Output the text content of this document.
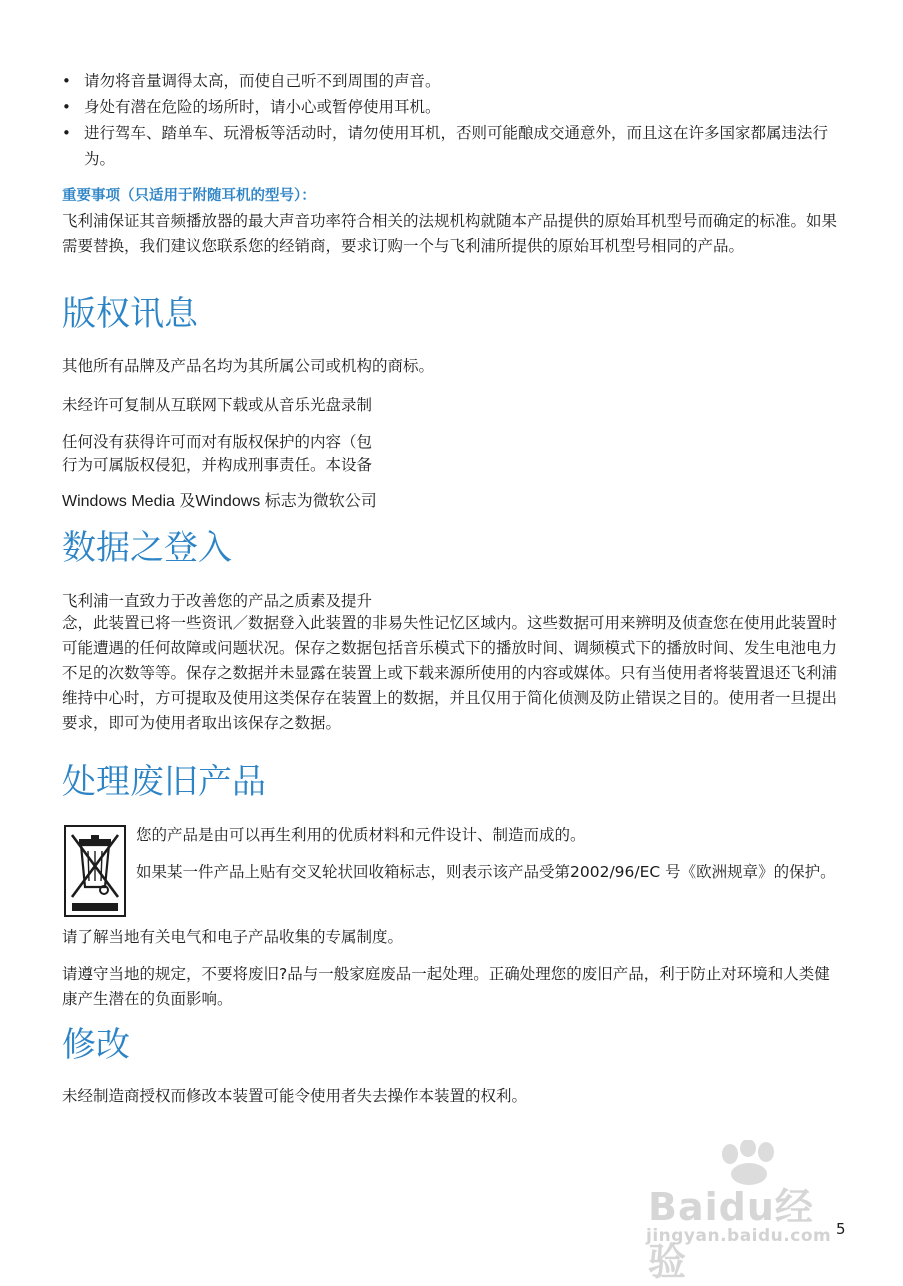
• 请勿将音量调得太高，而使自己听不到周围的声音。
• 身处有潜在危险的场所时，请小心或暂停使用耳机。
• 进行驾车、踏单车、玩滑板等活动时，请勿使用耳机，否则可能酿成交通意外，而且这在许多国家都属违法行为。
重要事项（只适用于附随耳机的型号）：

飞利浦保证其音频播放器的最大声音功率符合相关的法规机构就随本产品提供的原始耳机型号而确定的标准。如果需要替换，我们建议您联系您的经销商，要求订购一个与飞利浦所提供的原始耳机型号相同的产品。

版权讯息

其他所有品牌及产品名均为其所属公司或机构的商标。

未经许可复制从互联网下载或从音乐光盘录制

任何没有获得许可而对有版权保护的内容（包

行为可属版权侵犯，并构成刑事责任。本设备

Windows Media 及Windows 标志为微软公司

数据之登入

飞利浦一直致力于改善您的产品之质素及提升

念，此装置已将一些资讯／数据登入此装置的非易失性记忆区域内。这些数据可用来辨明及侦查您在使用此装置时可能遭遇的任何故障或问题状况。保存之数据包括音乐模式下的播放时间、调频模式下的播放时间、发生电池电力不足的次数等等。保存之数据并未显露在装置上或下载来源所使用的内容或媒体。只有当使用者将装置退还飞利浦维持中心时，方可提取及使用这类保存在装置上的数据，并且仅用于简化侦测及防止错误之目的。使用者一旦提出要求，即可为使用者取出该保存之数据。

处理废旧产品

您的产品是由可以再生利用的优质材料和元件设计、制造而成的。

如果某一件产品上贴有交叉轮状回收箱标志，则表示该产品受第2002/96/EC 号《欧洲规章》的保护。

请了解当地有关电气和电子产品收集的专属制度。

请遵守当地的规定，不要将废旧?品与一般家庭废品一起处理。正确处理您的废旧产品，利于防止对环境和人类健康产生潜在的负面影响。

修改

未经制造商授权而修改本装置可能令使用者失去操作本装置的权利。

Baidu经验
jingyan.baidu.com 5
